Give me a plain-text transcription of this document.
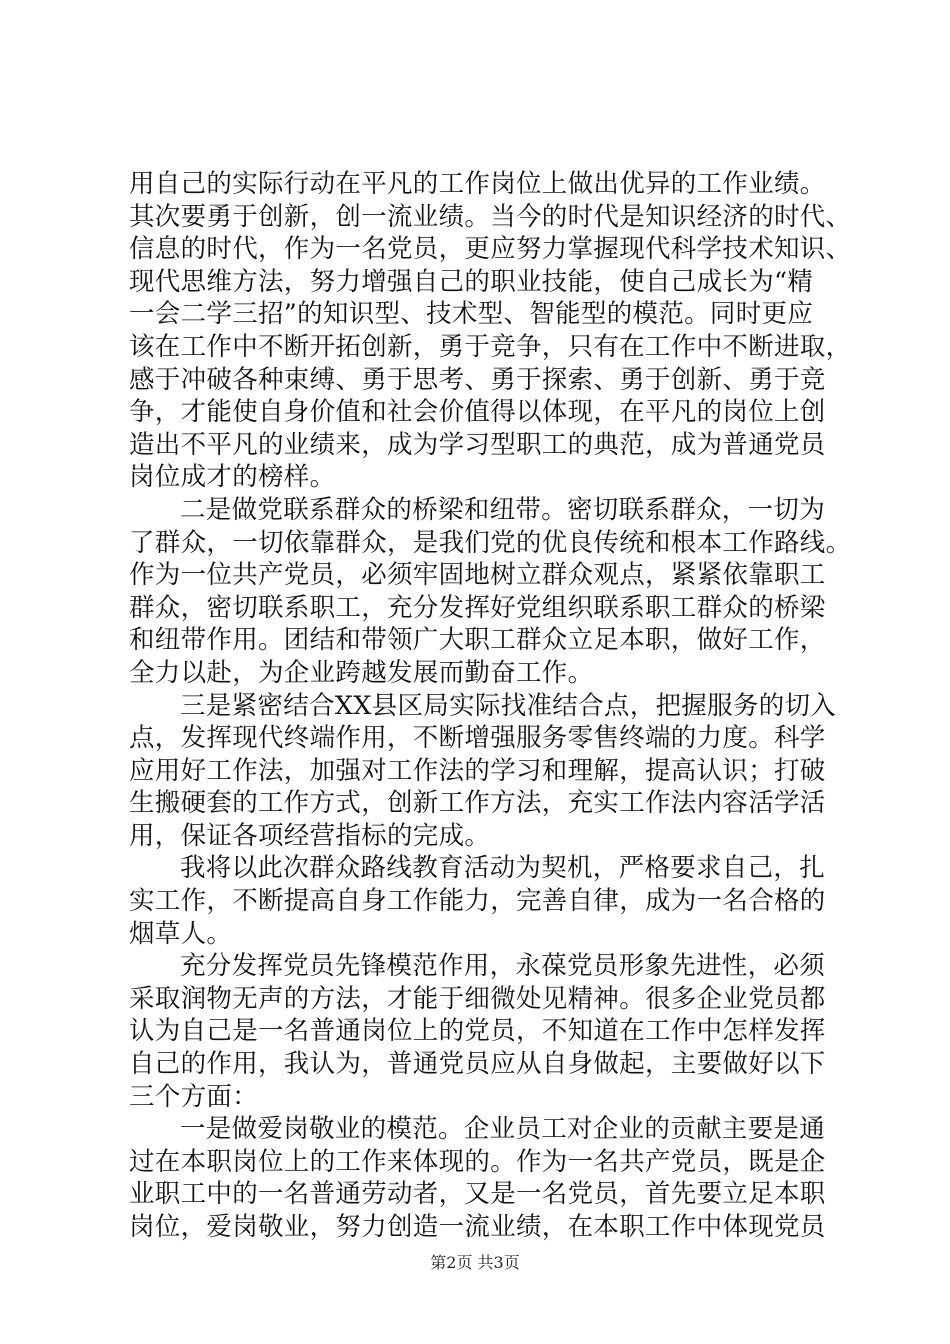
用自己的实际行动在平凡的工作岗位上做出优异的工作业绩。
其次要勇于创新，创一流业绩。当今的时代是知识经济的时代、
信息的时代，作为一名党员，更应努力掌握现代科学技术知识、
现代思维方法，努力增强自己的职业技能，使自己成长为“精
一会二学三招”的知识型、技术型、智能型的模范。同时更应
该在工作中不断开拓创新，勇于竞争，只有在工作中不断进取，
感于冲破各种束缚、勇于思考、勇于探索、勇于创新、勇于竞
争，才能使自身价值和社会价值得以体现，在平凡的岗位上创
造出不平凡的业绩来，成为学习型职工的典范，成为普通党员
岗位成才的榜样。
二是做党联系群众的桥梁和纽带。密切联系群众，一切为
了群众，一切依靠群众，是我们党的优良传统和根本工作路线。
作为一位共产党员，必须牢固地树立群众观点，紧紧依靠职工
群众，密切联系职工，充分发挥好党组织联系职工群众的桥梁
和纽带作用。团结和带领广大职工群众立足本职，做好工作，
全力以赴，为企业跨越发展而勤奋工作。
三是紧密结合XX县区局实际找准结合点，把握服务的切入
点，发挥现代终端作用，不断增强服务零售终端的力度。科学
应用好工作法，加强对工作法的学习和理解，提高认识；打破
生搬硬套的工作方式，创新工作方法，充实工作法内容活学活
用，保证各项经营指标的完成。
我将以此次群众路线教育活动为契机，严格要求自己，扎
实工作，不断提高自身工作能力，完善自律，成为一名合格的
烟草人。
充分发挥党员先锋模范作用，永葆党员形象先进性，必须
采取润物无声的方法，才能于细微处见精神。很多企业党员都
认为自己是一名普通岗位上的党员，不知道在工作中怎样发挥
自己的作用，我认为，普通党员应从自身做起，主要做好以下
三个方面：
一是做爱岗敬业的模范。企业员工对企业的贡献主要是通
过在本职岗位上的工作来体现的。作为一名共产党员，既是企
业职工中的一名普通劳动者，又是一名党员，首先要立足本职
岗位，爱岗敬业，努力创造一流业绩，在本职工作中体现党员
第2页 共3页
